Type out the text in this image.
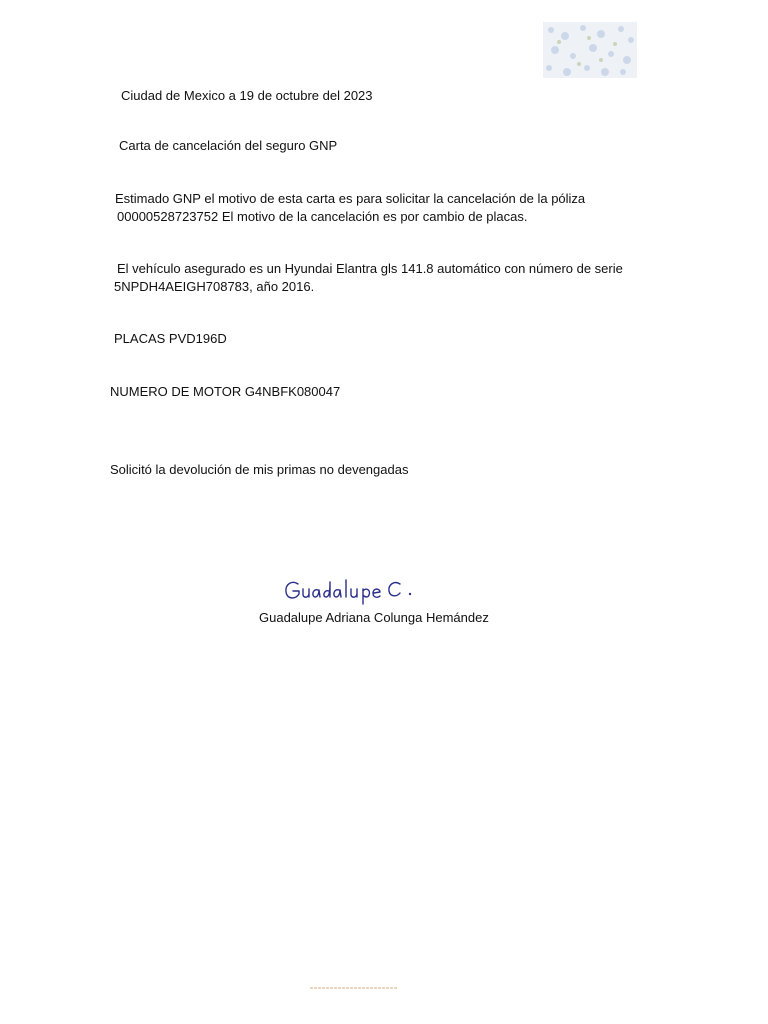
Ciudad de Mexico a 19 de octubre del 2023
Carta de cancelación del seguro GNP
Estimado GNP el motivo de esta carta es para solicitar la cancelación de la póliza
00000528723752 El motivo de la cancelación es por cambio de placas.
El vehículo asegurado es un Hyundai Elantra gls 141.8 automático con número de serie
5NPDH4AEIGH708783, año 2016.
PLACAS PVD196D
NUMERO DE MOTOR G4NBFK080047
Solicitó la devolución de mis primas no devengadas
Guadalupe Adriana Colunga Hemández
